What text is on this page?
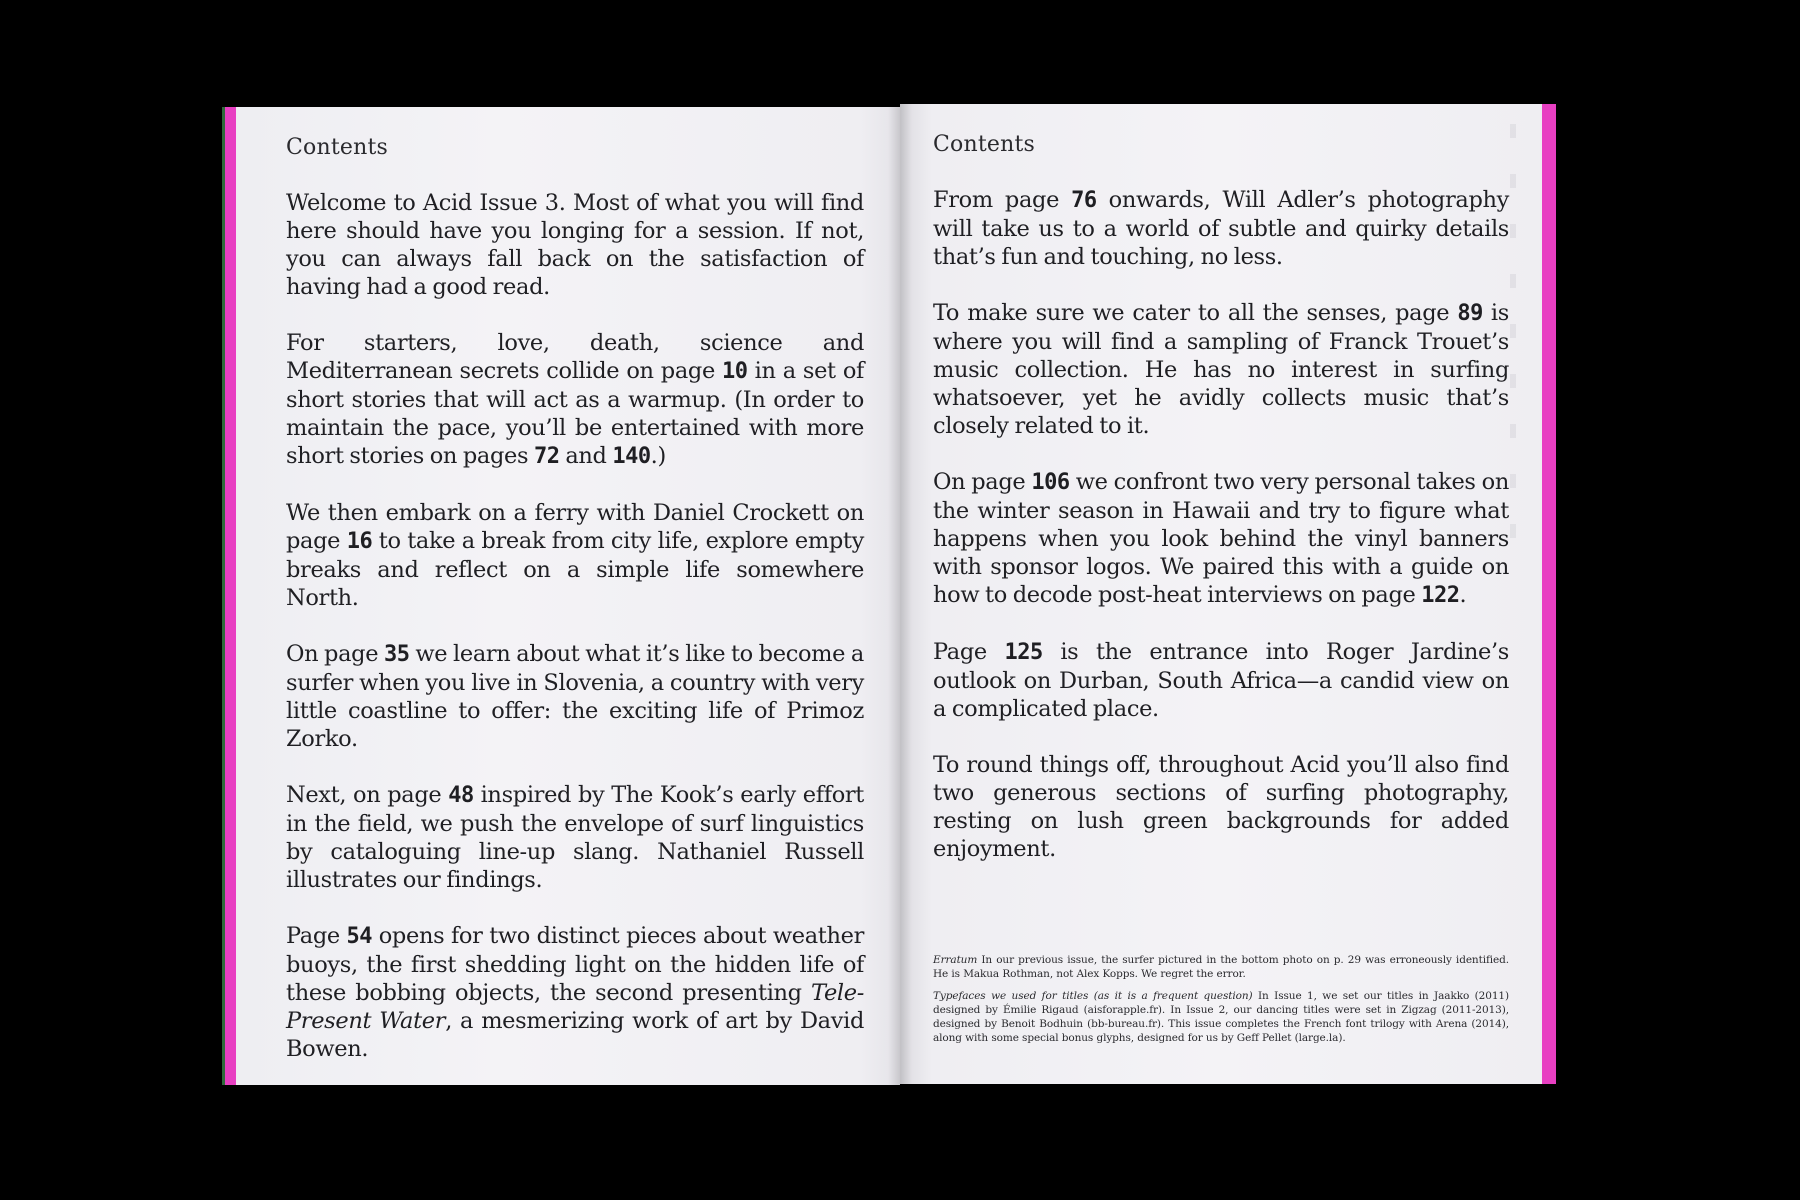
Contents

Welcome to Acid Issue 3. Most of what you will find here should have you longing for a session. If not, you can always fall back on the satisfaction of having had a good read.

For starters, love, death, science and Mediterranean secrets collide on page 10 in a set of short stories that will act as a warmup. (In order to maintain the pace, you’ll be entertained with more short stories on pages 72 and 140.)

We then embark on a ferry with Daniel Crockett on page 16 to take a break from city life, explore empty breaks and reflect on a simple life somewhere North.

On page 35 we learn about what it’s like to become a surfer when you live in Slovenia, a country with very little coastline to offer: the exciting life of Primoz Zorko.

Next, on page 48 inspired by The Kook’s early effort in the field, we push the envelope of surf linguistics by cataloguing line-up slang. Nathaniel Russell illustrates our findings.

Page 54 opens for two distinct pieces about weather buoys, the first shedding light on the hidden life of these bobbing objects, the second presenting Tele-Present Water, a mesmerizing work of art by David Bowen.

Contents

From page 76 onwards, Will Adler’s photography will take us to a world of subtle and quirky details that’s fun and touching, no less.

To make sure we cater to all the senses, page 89 is where you will find a sampling of Franck Trouet’s music collection. He has no interest in surfing whatsoever, yet he avidly collects music that’s closely related to it.

On page 106 we confront two very personal takes on the winter season in Hawaii and try to figure what happens when you look behind the vinyl banners with sponsor logos. We paired this with a guide on how to decode post-heat interviews on page 122.

Page 125 is the entrance into Roger Jardine’s outlook on Durban, South Africa—a candid view on a complicated place.

To round things off, throughout Acid you’ll also find two generous sections of surfing photography, resting on lush green backgrounds for added enjoyment.

Erratum In our previous issue, the surfer pictured in the bottom photo on p. 29 was erroneously identified. He is Makua Rothman, not Alex Kopps. We regret the error.

Typefaces we used for titles (as it is a frequent question) In Issue 1, we set our titles in Jaakko (2011) designed by Émilie Rigaud (aisforapple.fr). In Issue 2, our dancing titles were set in Zigzag (2011-2013), designed by Benoit Bodhuin (bb-bureau.fr). This issue completes the French font trilogy with Arena (2014), along with some special bonus glyphs, designed for us by Geff Pellet (large.la).
